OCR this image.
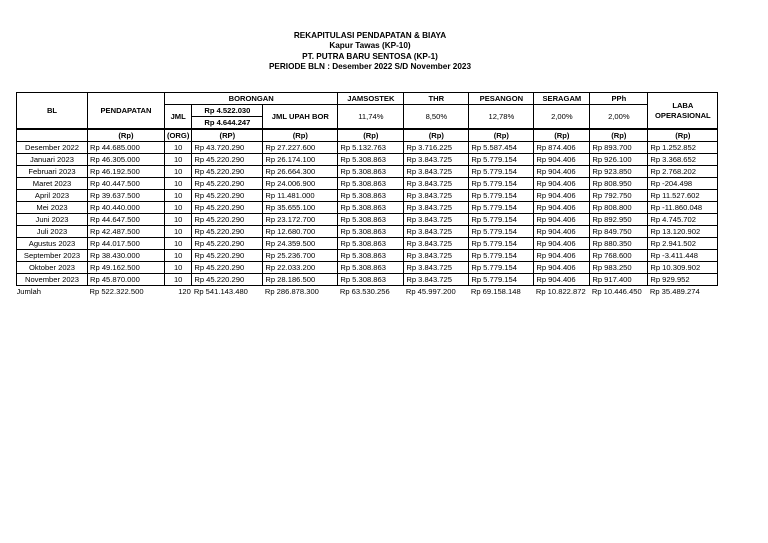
REKAPITULASI PENDAPATAN & BIAYA
Kapur Tawas (KP-10)
PT. PUTRA BARU SENTOSA (KP-1)
PERIODE BLN : Desember 2022 S/D November 2023
BL	PENDAPATAN	BORONGAN			JAMSOSTEK	THR	PESANGON	SERAGAM	PPh	LABA
OPERASIONAL
		JML	Rp 4.522.030	JML UPAH BOR	11,74%	8,50%	12,78%	2,00%	2,00%	
			Rp 4.644.247							
	(Rp)	(ORG)	(RP)	(Rp)	(Rp)	(Rp)	(Rp)	(Rp)	(Rp)	(Rp)
Desember 2022	Rp 44.685.000	10	Rp 43.720.290	Rp 27.227.600	Rp 5.132.763	Rp 3.716.225	Rp 5.587.454	Rp 874.406	Rp 893.700	Rp 1.252.852
Januari 2023	Rp 46.305.000	10	Rp 45.220.290	Rp 26.174.100	Rp 5.308.863	Rp 3.843.725	Rp 5.779.154	Rp 904.406	Rp 926.100	Rp 3.368.652
Februari 2023	Rp 46.192.500	10	Rp 45.220.290	Rp 26.664.300	Rp 5.308.863	Rp 3.843.725	Rp 5.779.154	Rp 904.406	Rp 923.850	Rp 2.768.202
Maret 2023	Rp 40.447.500	10	Rp 45.220.290	Rp 24.006.900	Rp 5.308.863	Rp 3.843.725	Rp 5.779.154	Rp 904.406	Rp 808.950	Rp -204.498
April 2023	Rp 39.637.500	10	Rp 45.220.290	Rp 11.481.000	Rp 5.308.863	Rp 3.843.725	Rp 5.779.154	Rp 904.406	Rp 792.750	Rp 11.527.602
Mei 2023	Rp 40.440.000	10	Rp 45.220.290	Rp 35.655.100	Rp 5.308.863	Rp 3.843.725	Rp 5.779.154	Rp 904.406	Rp 808.800	Rp -11.860.048
Juni 2023	Rp 44.647.500	10	Rp 45.220.290	Rp 23.172.700	Rp 5.308.863	Rp 3.843.725	Rp 5.779.154	Rp 904.406	Rp 892.950	Rp 4.745.702
Juli 2023	Rp 42.487.500	10	Rp 45.220.290	Rp 12.680.700	Rp 5.308.863	Rp 3.843.725	Rp 5.779.154	Rp 904.406	Rp 849.750	Rp 13.120.902
Agustus 2023	Rp 44.017.500	10	Rp 45.220.290	Rp 24.359.500	Rp 5.308.863	Rp 3.843.725	Rp 5.779.154	Rp 904.406	Rp 880.350	Rp 2.941.502
September 2023	Rp 38.430.000	10	Rp 45.220.290	Rp 25.236.700	Rp 5.308.863	Rp 3.843.725	Rp 5.779.154	Rp 904.406	Rp 768.600	Rp -3.411.448
Oktober 2023	Rp 49.162.500	10	Rp 45.220.290	Rp 22.033.200	Rp 5.308.863	Rp 3.843.725	Rp 5.779.154	Rp 904.406	Rp 983.250	Rp 10.309.902
November 2023	Rp 45.870.000	10	Rp 45.220.290	Rp 28.186.500	Rp 5.308.863	Rp 3.843.725	Rp 5.779.154	Rp 904.406	Rp 917.400	Rp 929.952
Jumlah	Rp 522.322.500	120	Rp 541.143.480	Rp 286.878.300	Rp 63.530.256	Rp 45.997.200	Rp 69.158.148	Rp 10.822.872	Rp 10.446.450	Rp 35.489.274
